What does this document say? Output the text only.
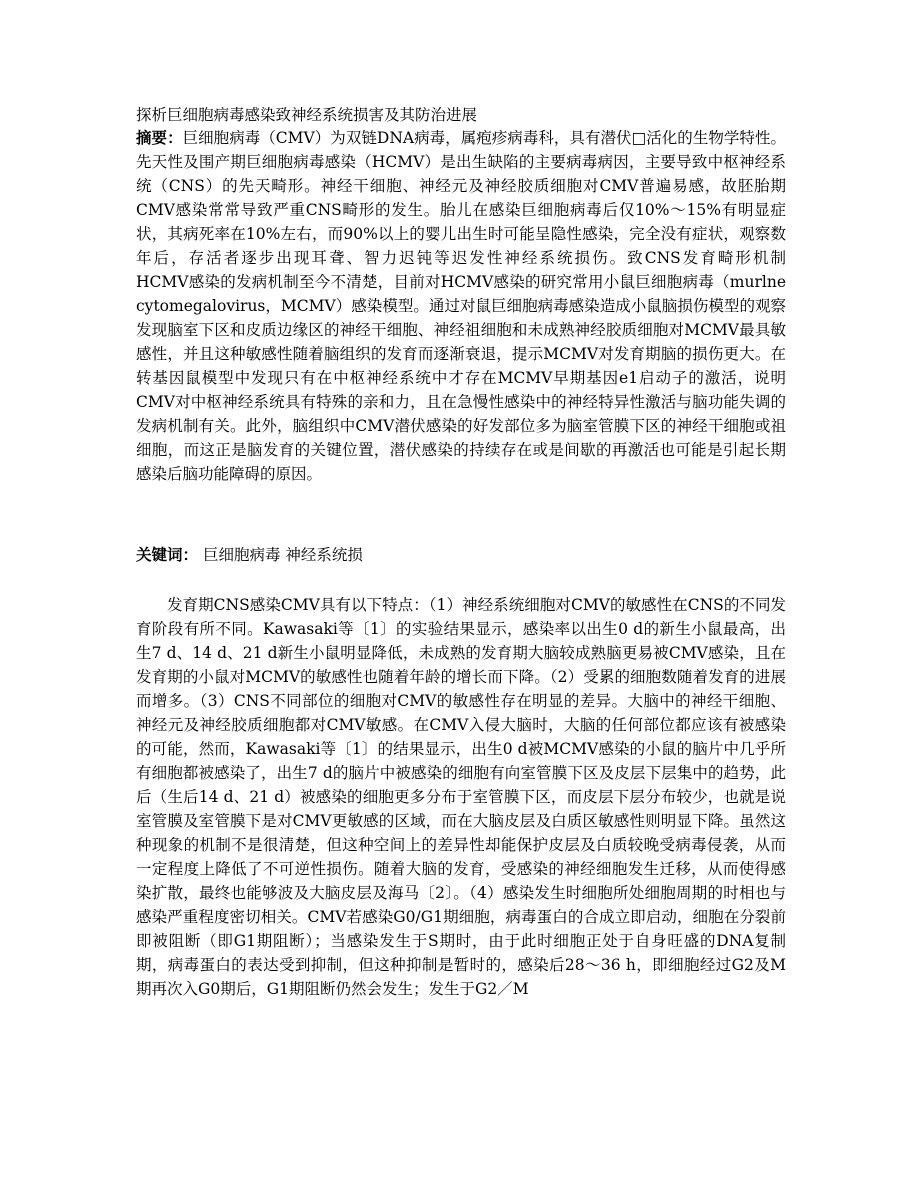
探析巨细胞病毒感染致神经系统损害及其防治进展

摘要：巨细胞病毒（CMV）为双链DNA病毒，属疱疹病毒科，具有潜伏□活化的生物学特性。先天性及围产期巨细胞病毒感染（HCMV）是出生缺陷的主要病毒病因，主要导致中枢神经系统（CNS）的先天畸形。神经干细胞、神经元及神经胶质细胞对CMV普遍易感，故胚胎期CMV感染常常导致严重CNS畸形的发生。胎儿在感染巨细胞病毒后仅10%～15%有明显症状，其病死率在10%左右，而90%以上的婴儿出生时可能呈隐性感染，完全没有症状，观察数年后，存活者逐步出现耳聋、智力迟钝等迟发性神经系统损伤。致CNS发育畸形机制　　HCMV感染的发病机制至今不清楚，目前对HCMV感染的研究常用小鼠巨细胞病毒（murlne cytomegalovirus，MCMV）感染模型。通过对鼠巨细胞病毒感染造成小鼠脑损伤模型的观察发现脑室下区和皮质边缘区的神经干细胞、神经祖细胞和未成熟神经胶质细胞对MCMV最具敏感性，并且这种敏感性随着脑组织的发育而逐渐衰退，提示MCMV对发育期脑的损伤更大。在转基因鼠模型中发现只有在中枢神经系统中才存在MCMV早期基因e1启动子的激活，说明CMV对中枢神经系统具有特殊的亲和力，且在急慢性感染中的神经特异性激活与脑功能失调的发病机制有关。此外，脑组织中CMV潜伏感染的好发部位多为脑室管膜下区的神经干细胞或祖细胞，而这正是脑发育的关键位置，潜伏感染的持续存在或是间歇的再激活也可能是引起长期感染后脑功能障碍的原因。

关键词： 巨细胞病毒 神经系统损

发育期CNS感染CMV具有以下特点：（1）神经系统细胞对CMV的敏感性在CNS的不同发育阶段有所不同。Kawasaki等〔1〕的实验结果显示，感染率以出生0 d的新生小鼠最高，出生7 d、14 d、21 d新生小鼠明显降低，未成熟的发育期大脑较成熟脑更易被CMV感染，且在发育期的小鼠对MCMV的敏感性也随着年龄的增长而下降。（2）受累的细胞数随着发育的进展而增多。（3）CNS不同部位的细胞对CMV的敏感性存在明显的差异。大脑中的神经干细胞、神经元及神经胶质细胞都对CMV敏感。在CMV入侵大脑时，大脑的任何部位都应该有被感染的可能，然而，Kawasaki等〔1〕的结果显示，出生0 d被MCMV感染的小鼠的脑片中几乎所有细胞都被感染了，出生7 d的脑片中被感染的细胞有向室管膜下区及皮层下层集中的趋势，此后（生后14 d、21 d）被感染的细胞更多分布于室管膜下区，而皮层下层分布较少，也就是说室管膜及室管膜下是对CMV更敏感的区域，而在大脑皮层及白质区敏感性则明显下降。虽然这种现象的机制不是很清楚，但这种空间上的差异性却能保护皮层及白质较晚受病毒侵袭，从而一定程度上降低了不可逆性损伤。随着大脑的发育，受感染的神经细胞发生迁移，从而使得感染扩散，最终也能够波及大脑皮层及海马〔2〕。（4）感染发生时细胞所处细胞周期的时相也与感染严重程度密切相关。CMV若感染G0/G1期细胞，病毒蛋白的合成立即启动，细胞在分裂前即被阻断（即G1期阻断）；当感染发生于S期时，由于此时细胞正处于自身旺盛的DNA复制期，病毒蛋白的表达受到抑制，但这种抑制是暂时的，感染后28～36 h，即细胞经过G2及M期再次入G0期后，G1期阻断仍然会发生；发生于G2／M
